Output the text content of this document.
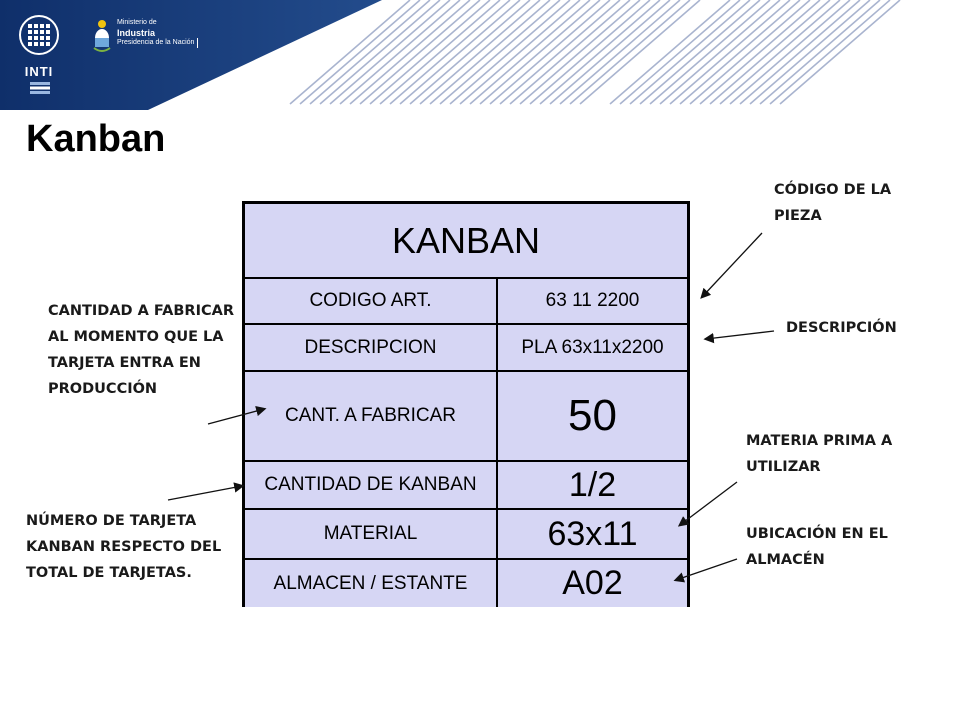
INTI
Ministerio de
Industria
Presidencia de la Nación
Kanban
KANBAN
CODIGO ART.	63 11 2200
DESCRIPCION	PLA 63x11x2200
CANT. A FABRICAR	50
CANTIDAD DE KANBAN	1/2
MATERIAL	63x11
ALMACEN / ESTANTE	A02

CÓDIGO DE LA PIEZA

DESCRIPCIÓN

CANTIDAD A FABRICAR AL MOMENTO QUE LA TARJETA ENTRA EN PRODUCCIÓN

MATERIA PRIMA A UTILIZAR

NÚMERO DE TARJETA KANBAN RESPECTO DEL TOTAL DE TARJETAS.

UBICACIÓN EN EL ALMACÉN
